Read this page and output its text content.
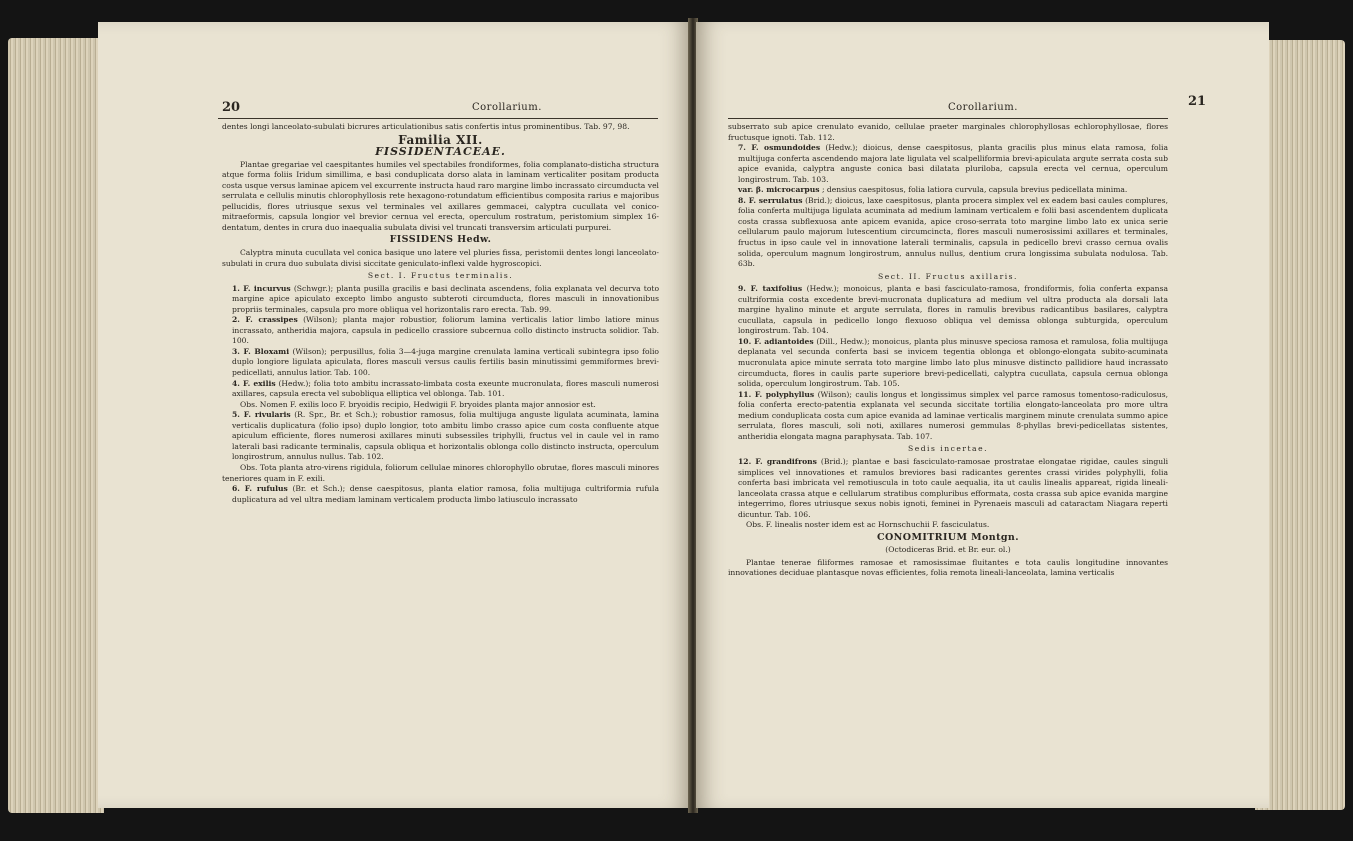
20	Corollarium.

dentes longi lanceolato-subulati bicrures articulationibus satis confertis intus prominentibus. Tab. 97, 98.

Familia XII.
FISSIDENTACEAE.

Plantae gregariae vel caespitantes humiles vel spectabiles frondiformes, folia complanato-disticha structura atque forma foliis Iridum simillima, e basi conduplicata dorso alata in laminam verticaliter positam producta costa usque versus laminae apicem vel excurrente instructa haud raro margine limbo incrassato circumducta vel serrulata e cellulis minutis chlorophyllosis rete hexagono-rotundatum efficientibus composita rarius e majoribus pellucidis, flores utriusque sexus vel terminales vel axillares gemmacei, calyptra cucullata vel conico-mitraeformis, capsula longior vel brevior cernua vel erecta, operculum rostratum, peristomium simplex 16-dentatum, dentes in crura duo inaequalia subulata divisi vel truncati transversim articulati purpurei.

FISSIDENS Hedw.

Calyptra minuta cucullata vel conica basique uno latere vel pluries fissa, peristomii dentes longi lanceolato-subulati in crura duo subulata divisi siccitate geniculato-inflexi valde hygroscopici.

Sect. I. Fructus terminalis.

1. F. incurvus (Schwgr.); planta pusilla gracilis e basi declinata ascendens, folia explanata vel decurva toto margine apice apiculato excepto limbo angusto subteroti circumducta, flores masculi in innovationibus propriis terminales, capsula pro more obliqua vel horizontalis raro erecta. Tab. 99.

2. F. crassipes (Wilson); planta major robustior, foliorum lamina verticalis latior limbo latiore minus incrassato, antheridia majora, capsula in pedicello crassiore subcernua collo distincto instructa solidior. Tab. 100.

3. F. Bloxami (Wilson); perpusillus, folia 3—4-juga margine crenulata lamina verticali subintegra ipso folio duplo longiore ligulata apiculata, flores masculi versus caulis fertilis basin minutissimi gemmiformes brevi-pedicellati, annulus latior. Tab. 100.

4. F. exilis (Hedw.); folia toto ambitu incrassato-limbata costa exeunte mucronulata, flores masculi numerosi axillares, capsula erecta vel subobliqua elliptica vel oblonga. Tab. 101.

Obs. Nomen F. exilis loco F. bryoidis recipio, Hedwigii F. bryoides planta major annosior est.

5. F. rivularis (R. Spr., Br. et Sch.); robustior ramosus, folia multijuga anguste ligulata acuminata, lamina verticalis duplicatura (folio ipso) duplo longior, toto ambitu limbo crasso apice cum costa confluente atque apiculum efficiente, flores numerosi axillares minuti subsessiles triphylli, fructus vel in caule vel in ramo laterali basi radicante terminalis, capsula obliqua et horizontalis oblonga collo distincto instructa, operculum longirostrum, annulus nullus. Tab. 102.

Obs. Tota planta atro-virens rigidula, foliorum cellulae minores chlorophyllo obrutae, flores masculi minores teneriores quam in F. exili.

6. F. rufulus (Br. et Sch.); dense caespitosus, planta elatior ramosa, folia multijuga cultriformia rufula duplicatura ad vel ultra mediam laminam verticalem producta limbo latiusculo incrassato

Corollarium.	21

subserrato sub apice crenulato evanido, cellulae praeter marginales chlorophyllosas echlorophyllosae, flores fructusque ignoti. Tab. 112.

7. F. osmundoides (Hedw.); dioicus, dense caespitosus, planta gracilis plus minus elata ramosa, folia multijuga conferta ascendendo majora late ligulata vel scalpelliformia brevi-apiculata argute serrata costa sub apice evanida, calyptra anguste conica basi dilatata pluriloba, capsula erecta vel cernua, operculum longirostrum. Tab. 103.

var. β. microcarpus ; densius caespitosus, folia latiora curvula, capsula brevius pedicellata minima.

8. F. serrulatus (Brid.); dioicus, laxe caespitosus, planta procera simplex vel ex eadem basi caules complures, folia conferta multijuga ligulata acuminata ad medium laminam verticalem e folii basi ascendentem duplicata costa crassa subflexuosa ante apicem evanida, apice croso-serrata toto margine limbo lato ex unica serie cellularum paulo majorum lutescentium circumcincta, flores masculi numerosissimi axillares et terminales, fructus in ipso caule vel in innovatione laterali terminalis, capsula in pedicello brevi crasso cernua ovalis solida, operculum magnum longirostrum, annulus nullus, dentium crura longissima subulata nodulosa. Tab. 63b.

Sect. II. Fructus axillaris.

9. F. taxifolius (Hedw.); monoicus, planta e basi fasciculato-ramosa, frondiformis, folia conferta expansa cultriformia costa excedente brevi-mucronata duplicatura ad medium vel ultra producta ala dorsali lata margine hyalino minute et argute serrulata, flores in ramulis brevibus radicantibus basilares, calyptra cucullata, capsula in pedicello longo flexuoso obliqua vel demissa oblonga subturgida, operculum longirostrum. Tab. 104.

10. F. adiantoides (Dill., Hedw.); monoicus, planta plus minusve speciosa ramosa et ramulosa, folia multijuga deplanata vel secunda conferta basi se invicem tegentia oblonga et oblongo-elongata subito-acuminata mucronulata apice minute serrata toto margine limbo lato plus minusve distincto pallidiore haud incrassato circumducta, flores in caulis parte superiore brevi-pedicellati, calyptra cucullata, capsula cernua oblonga solida, operculum longirostrum. Tab. 105.

11. F. polyphyllus (Wilson); caulis longus et longissimus simplex vel parce ramosus tomentoso-radiculosus, folia conferta erecto-patentia explanata vel secunda siccitate tortilia elongato-lanceolata pro more ultra medium conduplicata costa cum apice evanida ad laminae verticalis marginem minute crenulata summo apice serrulata, flores masculi, soli noti, axillares numerosi gemmulas 8-phyllas brevi-pedicellatas sistentes, antheridia elongata magna paraphysata. Tab. 107.

Sedis incertae.

12. F. grandifrons (Brid.); plantae e basi fasciculato-ramosae prostratae elongatae rigidae, caules singuli simplices vel innovationes et ramulos breviores basi radicantes gerentes crassi virides polyphylli, folia conferta basi imbricata vel remotiuscula in toto caule aequalia, ita ut caulis linealis appareat, rigida lineali-lanceolata crassa atque e cellularum stratibus compluribus efformata, costa crassa sub apice evanida margine integerrimo, flores utriusque sexus nobis ignoti, feminei in Pyrenaeis masculi ad cataractam Niagara reperti dicuntur. Tab. 106.

Obs. F. linealis noster idem est ac Hornschuchii F. fasciculatus.

CONOMITRIUM Montgn.
(Octodiceras Brid. et Br. eur. ol.)

Plantae tenerae filiformes ramosae et ramosissimae fluitantes e tota caulis longitudine innovantes innovationes deciduae plantasque novas efficientes, folia remota lineali-lanceolata, lamina verticalis
